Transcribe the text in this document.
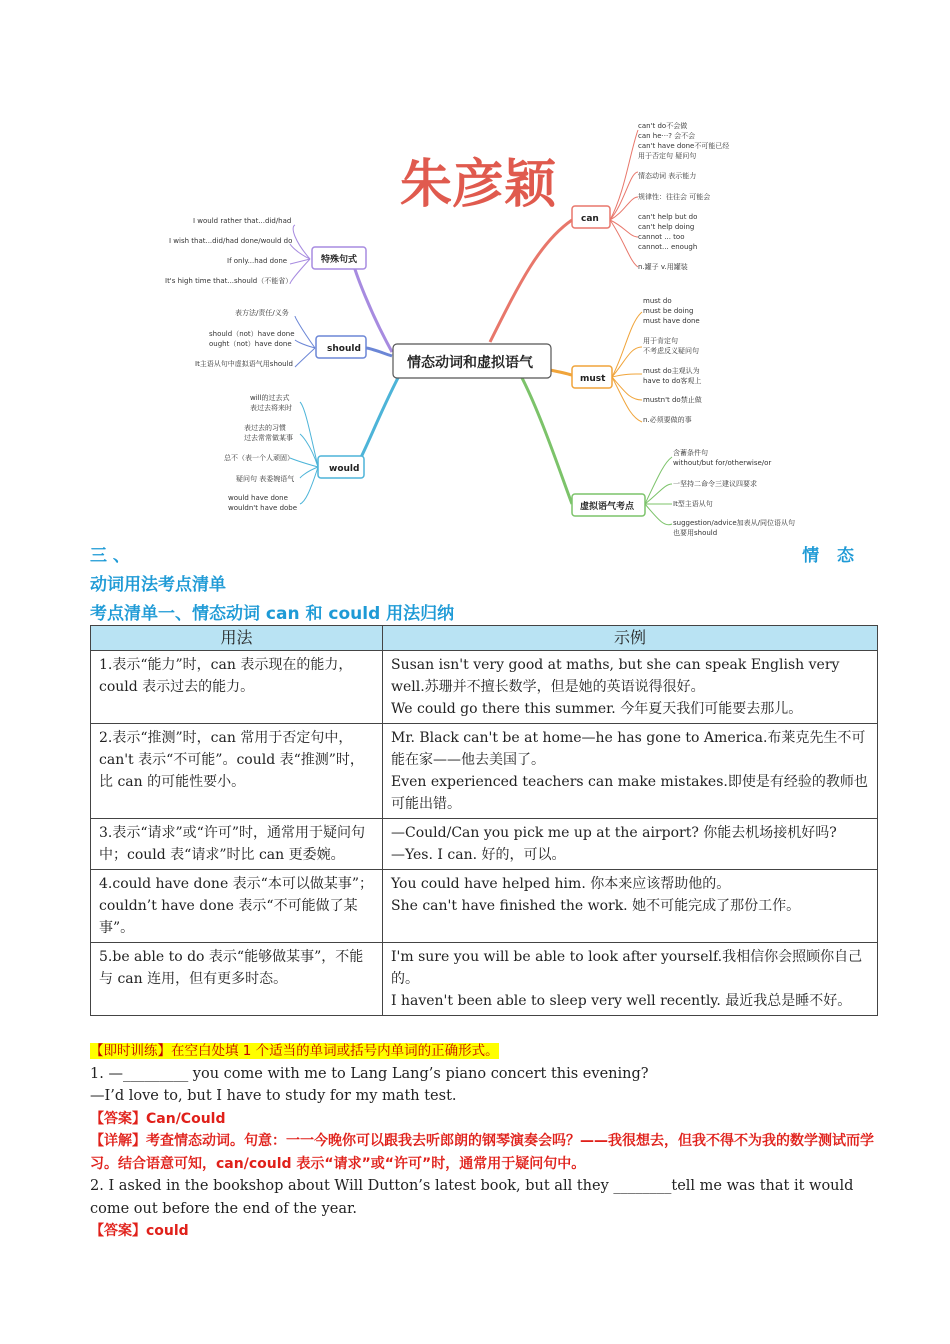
朱彦颖
情态动词和虚拟语气
can
must
虚拟语气考点
特殊句式
should
would
can't do不会做
can he···? 会不会
can't have done不可能已经
用于否定句 疑问句
情态动词 表示能力
规律性：往往会 可能会
can't help but do
can't help doing
cannot ... too
cannot... enough
n.罐子 v.用罐装
must do
must be doing
must have done
用于肯定句
不考虑反义疑问句
must do主观认为
have to do客观上
mustn't do禁止做
n.必须要做的事
含蓄条件句
without/but for/otherwise/or
一坚持二命令三建议四要求
It型主语从句
suggestion/advice加表从/同位语从句
也要用should
I would rather that...did/had
I wish that...did/had done/would do
If only...had done
It's high time that...should（不能省）
表方法/责任/义务
should（not）have done
ought（not）have done
It主语从句中虚拟语气用should
will的过去式
表过去将来时
表过去的习惯
过去常常做某事
总不（表一个人顽固）
疑问句 表委婉语气
would have done
wouldn't have dobe
三 、	情 态
动词用法考点清单
考点清单一、情态动词 can 和 could 用法归纳
用法	示例
1.表示“能力”时，can 表示现在的能力，could 表示过去的能力。	Susan isn't very good at maths, but she can speak English very well.苏珊并不擅长数学，但是她的英语说得很好。
We could go there this summer. 今年夏天我们可能要去那儿。

2.表示“推测”时，can 常用于否定句中，can't 表示“不可能”。could 表“推测”时，比 can 的可能性要小。	Mr. Black can't be at home—he has gone to America.布莱克先生不可能在家——他去美国了。
Even experienced teachers can make mistakes.即使是有经验的教师也可能出错。

3.表示“请求”或“许可”时，通常用于疑问句中；could 表“请求”时比 can 更委婉。	—Could/Can you pick me up at the airport? 你能去机场接机好吗?
—Yes. I can. 好的，可以。

4.could have done 表示“本可以做某事”；couldn’t have done 表示“不可能做了某事”。	You could have helped him. 你本来应该帮助他的。
She can't have finished the work. 她不可能完成了那份工作。

5.be able to do 表示“能够做某事”，不能与 can 连用，但有更多时态。	I'm sure you will be able to look after yourself.我相信你会照顾你自己的。
I haven't been able to sleep very well recently. 最近我总是睡不好。

【即时训练】在空白处填 1 个适当的单词或括号内单词的正确形式。

1. —_________ you come with me to Lang Lang’s piano concert this evening?

—I’d love to, but I have to study for my math test.

【答案】Can/Could

【详解】考查情态动词。句意：一一今晚你可以跟我去听郎朗的钢琴演奏会吗？——我很想去，但我不得不为我的数学测试而学习。结合语意可知，can/could 表示“请求”或“许可”时，通常用于疑问句中。

2. I asked in the bookshop about Will Dutton’s latest book, but all they ________tell me was that it would come out before the end of the year.

【答案】could
